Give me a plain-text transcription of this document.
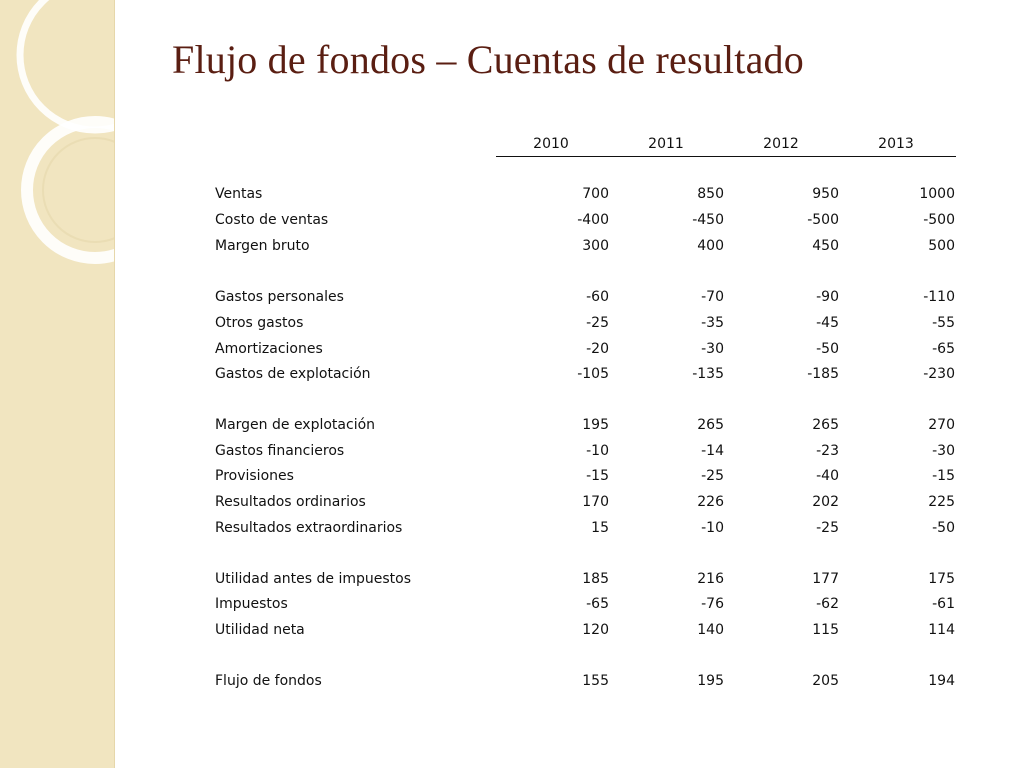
Flujo de fondos – Cuentas de resultado
2010	2011	2012	2013
Ventas	700	850	950	1000
Costo de ventas	-400	-450	-500	-500
Margen bruto	300	400	450	500
Gastos personales	-60	-70	-90	-110
Otros gastos	-25	-35	-45	-55
Amortizaciones	-20	-30	-50	-65
Gastos de explotación	-105	-135	-185	-230
Margen de explotación	195	265	265	270
Gastos financieros	-10	-14	-23	-30
Provisiones	-15	-25	-40	-15
Resultados ordinarios	170	226	202	225
Resultados extraordinarios	15	-10	-25	-50
Utilidad antes de impuestos	185	216	177	175
Impuestos	-65	-76	-62	-61
Utilidad neta	120	140	115	114
Flujo de fondos	155	195	205	194
